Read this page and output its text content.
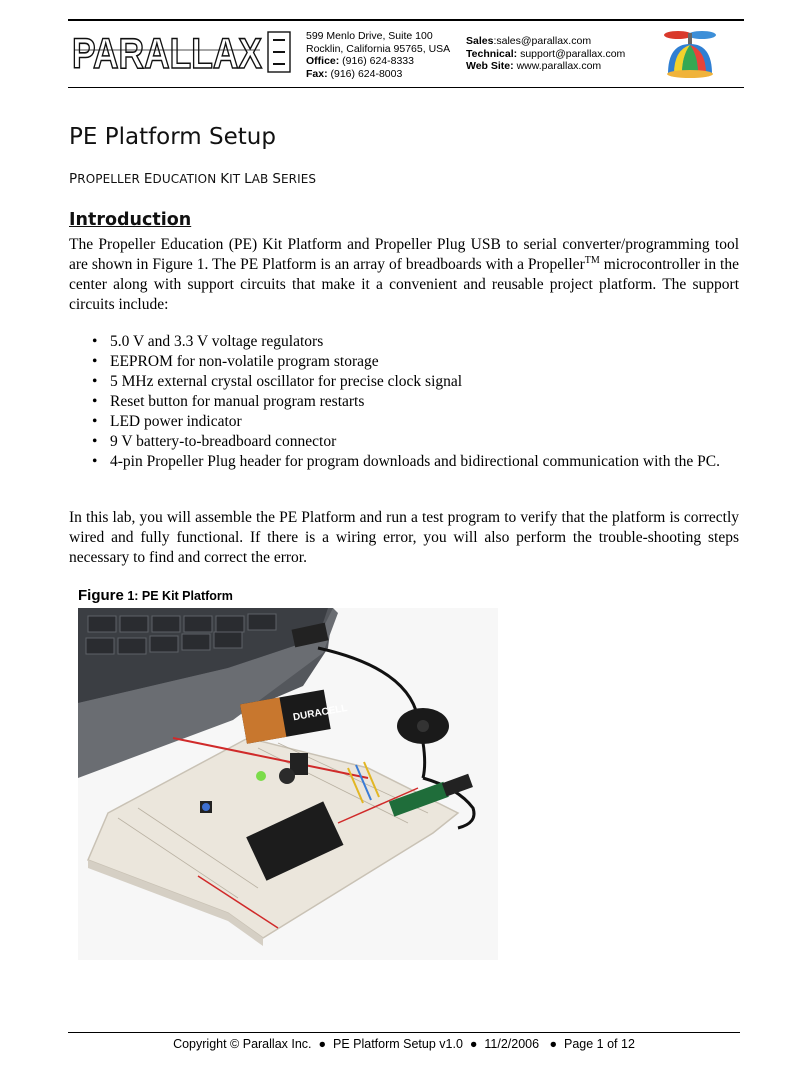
PARALLAX	599 Menlo Drive, Suite 100
Rocklin, California 95765, USA
Office: (916) 624-8333
Fax: (916) 624-8003
Sales:sales@parallax.com
Technical: support@parallax.com
Web Site: www.parallax.com
PE Platform Setup
PROPELLER EDUCATION KIT LAB SERIES
Introduction
The Propeller Education (PE) Kit Platform and Propeller Plug USB to serial converter/programming tool are shown in Figure 1. The PE Platform is an array of breadboards with a Propeller™ microcontroller in the center along with support circuits that make it a convenient and reusable project platform. The support circuits include:
• 5.0 V and 3.3 V voltage regulators
• EEPROM for non-volatile program storage
• 5 MHz external crystal oscillator for precise clock signal
• Reset button for manual program restarts
• LED power indicator
• 9 V battery-to-breadboard connector
• 4-pin Propeller Plug header for program downloads and bidirectional communication with the PC.
In this lab, you will assemble the PE Platform and run a test program to verify that the platform is correctly wired and fully functional. If there is a wiring error, you will also perform the trouble-shooting steps necessary to find and correct the error.
Figure 1: PE Kit Platform
DURACELL
Copyright © Parallax Inc. ● PE Platform Setup v1.0 ● 11/2/2006 ● Page 1 of 12
